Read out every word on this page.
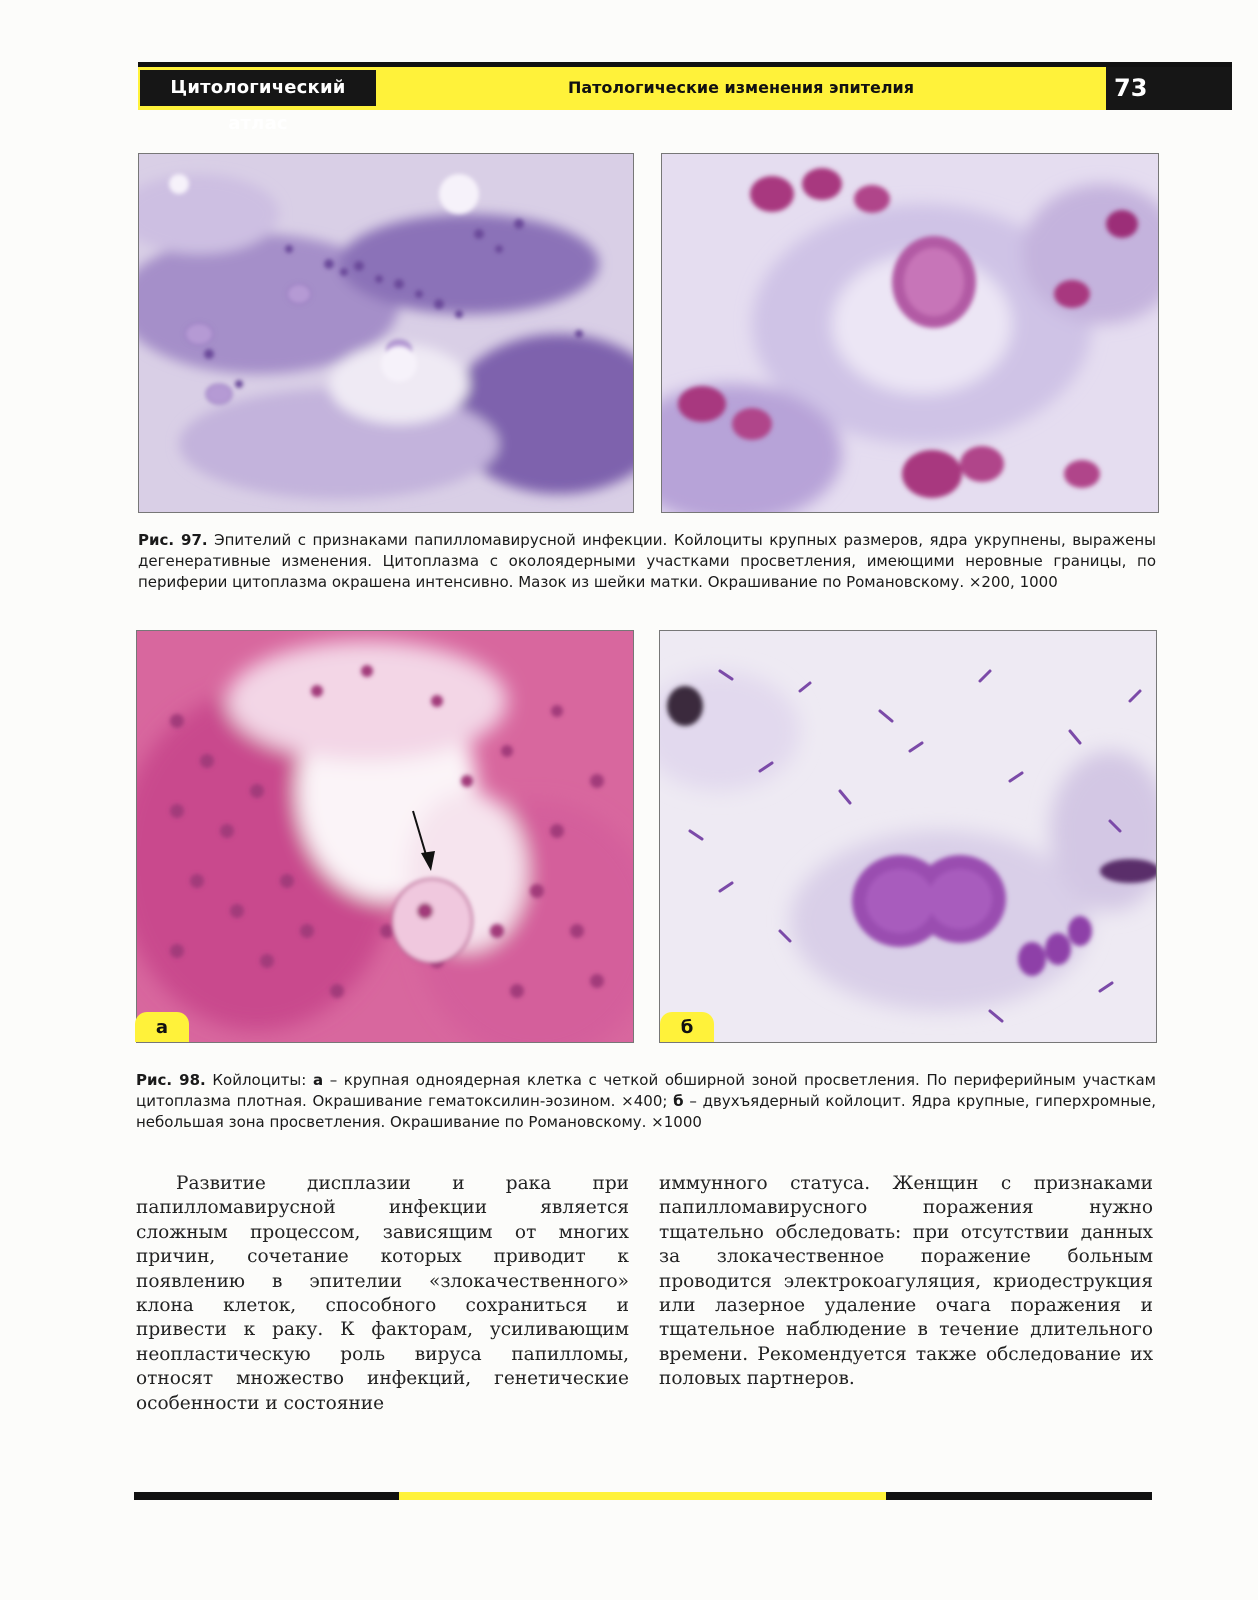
Цитологический атлас
Патологические изменения эпителия	73
Рис. 97. Эпителий с признаками папилломавирусной инфекции. Койлоциты крупных размеров, ядра укрупнены, выражены дегенеративные изменения. Цитоплазма с околоядерными участками просветления, имеющими неровные границы, по периферии цитоплазма окрашена интенсивно. Мазок из шейки матки. Окрашивание по Романовскому. ×200, 1000
а	б
Рис. 98. Койлоциты: а – крупная одноядерная клетка с четкой обширной зоной просветления. По периферийным участкам цитоплазма плотная. Окрашивание гематоксилин-эозином. ×400; б – двухъядерный койлоцит. Ядра крупные, гиперхромные, небольшая зона просветления. Окрашивание по Романовскому. ×1000
Развитие дисплазии и рака при папилломавирусной инфекции является сложным процессом, зависящим от многих причин, сочетание которых приводит к появлению в эпителии «злокачественного» клона клеток, способного сохраниться и привести к раку. К факторам, усиливающим неопластическую роль вируса папилломы, относят множество инфекций, генетические особенности и состояние
иммунного статуса. Женщин с признаками папилломавирусного поражения нужно тщательно обследовать: при отсутствии данных за злокачественное поражение больным проводится электрокоагуляция, криодеструкция или лазерное удаление очага поражения и тщательное наблюдение в течение длительного времени. Рекомендуется также обследование их половых партнеров.
